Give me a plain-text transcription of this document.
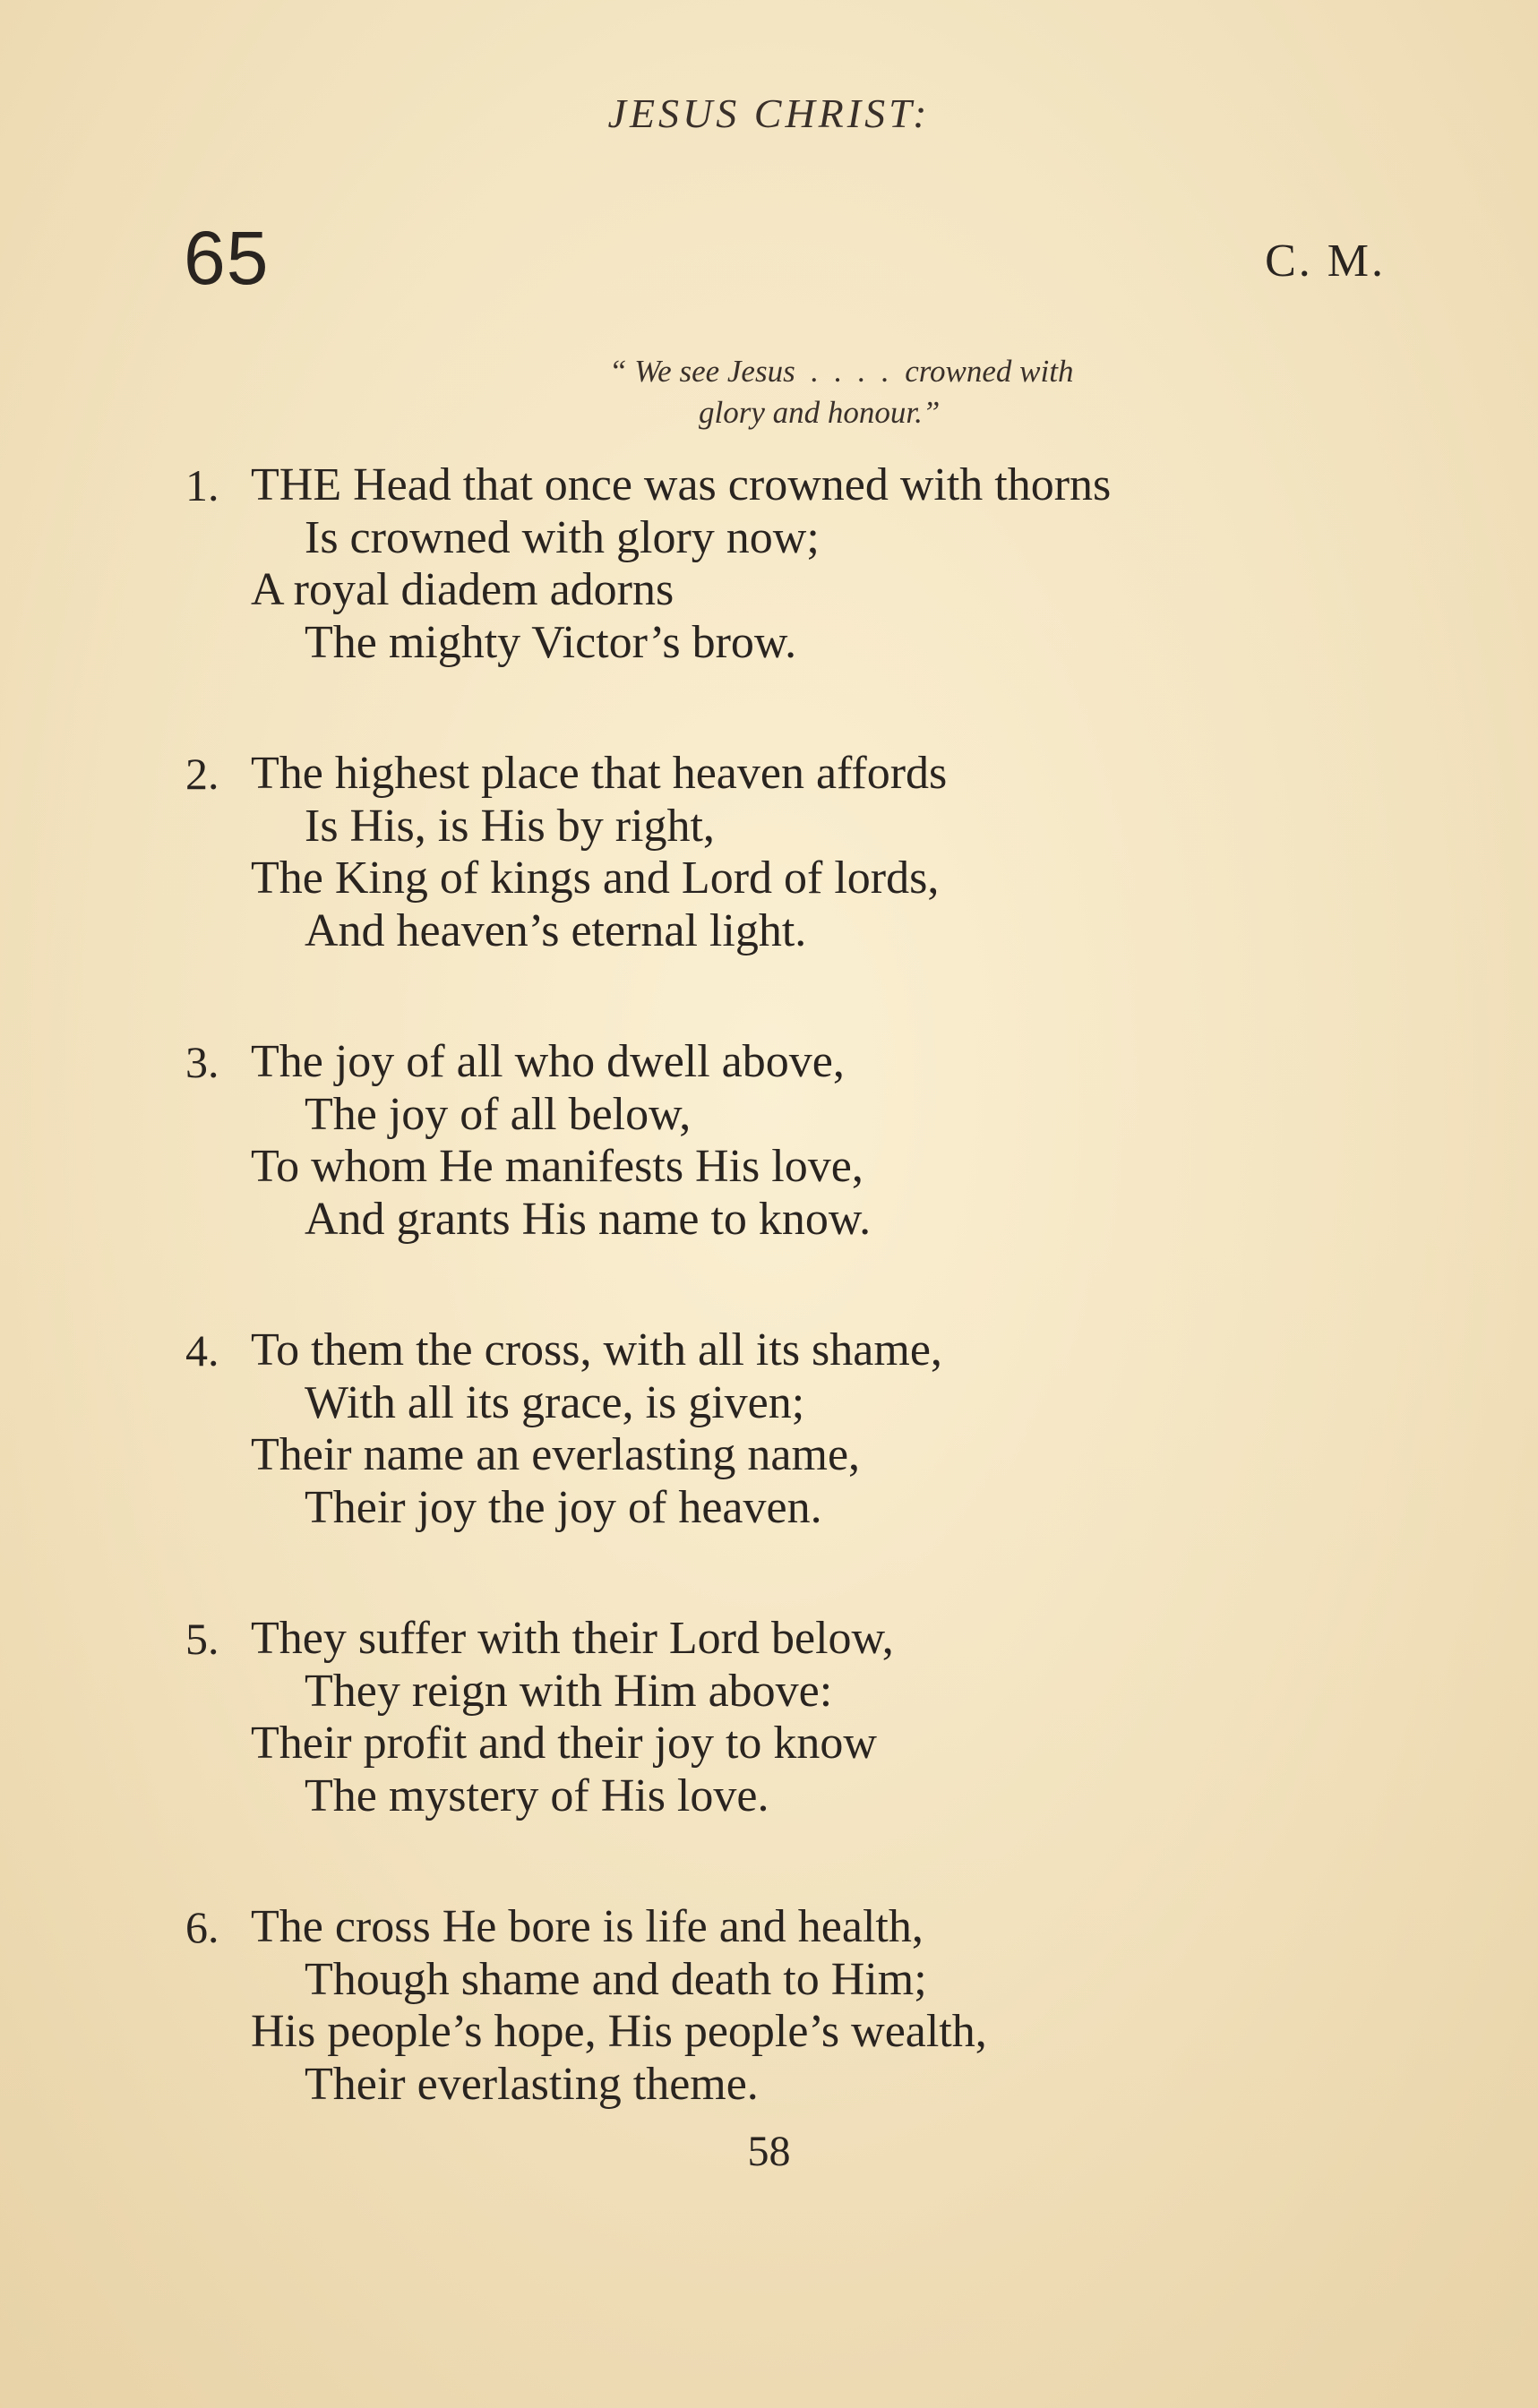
JESUS CHRIST:
65	C. M.
“ We see Jesus  .  .  .  .  crowned with
glory and honour.”
1. THE Head that once was crowned with thorns
Is crowned with glory now;
A royal diadem adorns
The mighty Victor’s brow.
2. The highest place that heaven affords
Is His, is His by right,
The King of kings and Lord of lords,
And heaven’s eternal light.
3. The joy of all who dwell above,
The joy of all below,
To whom He manifests His love,
And grants His name to know.
4. To them the cross, with all its shame,
With all its grace, is given;
Their name an everlasting name,
Their joy the joy of heaven.
5. They suffer with their Lord below,
They reign with Him above:
Their profit and their joy to know
The mystery of His love.
6. The cross He bore is life and health,
Though shame and death to Him;
His people’s hope, His people’s wealth,
Their everlasting theme.
58
